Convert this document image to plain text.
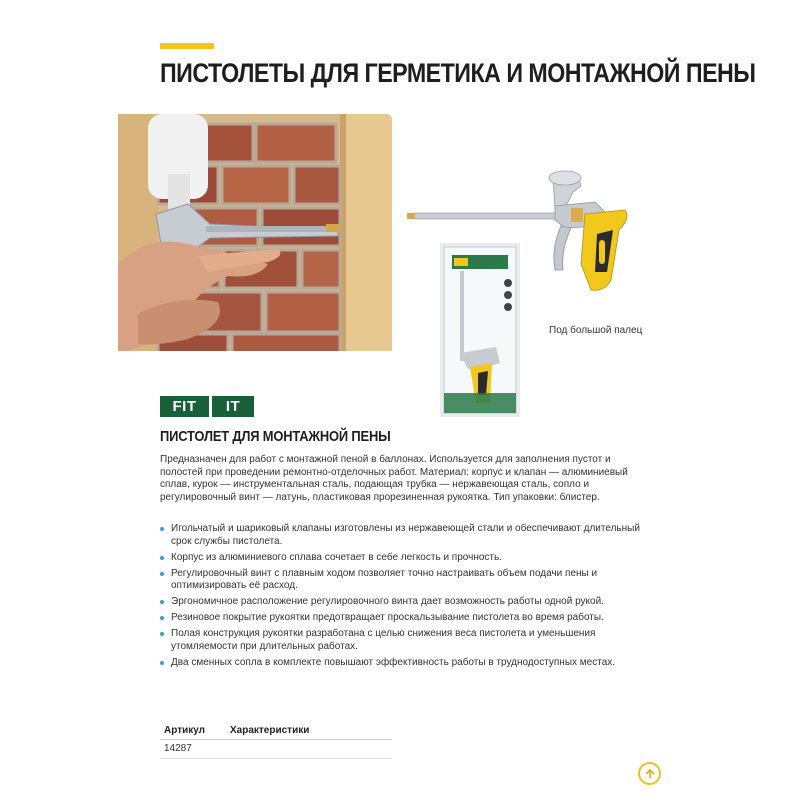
ПИСТОЛЕТЫ ДЛЯ ГЕРМЕТИКА И МОНТАЖНОЙ ПЕНЫ
Под большой палец
FIT	IT
ПИСТОЛЕТ ДЛЯ МОНТАЖНОЙ ПЕНЫ

Предназначен для работ с монтажной пеной в баллонах. Используется для заполнения пустот и полостей при проведении ремонтно-отделочных работ. Материал: корпус и клапан — алюминиевый сплав, курок — инструментальная сталь, подающая трубка — нержавеющая сталь, сопло и регулировочный винт — латунь, пластиковая прорезиненная рукоятка. Тип упаковки: блистер.

Игольчатый и шариковый клапаны изготовлены из нержавеющей стали и обеспечивают длительный срок службы пистолета.
Корпус из алюминиевого сплава сочетает в себе легкость и прочность.
Регулировочный винт с плавным ходом позволяет точно настраивать объем подачи пены и оптимизировать её расход.
Эргономичное расположение регулировочного винта дает возможность работы одной рукой.
Резиновое покрытие рукоятки предотвращает проскальзывание пистолета во время работы.
Полая конструкция рукоятки разработана с целью снижения веса пистолета и уменьшения утомляемости при длительных работах.
Два сменных сопла в комплекте повышают эффективность работы в труднодоступных местах.
Артикул	Характеристики
14287	
